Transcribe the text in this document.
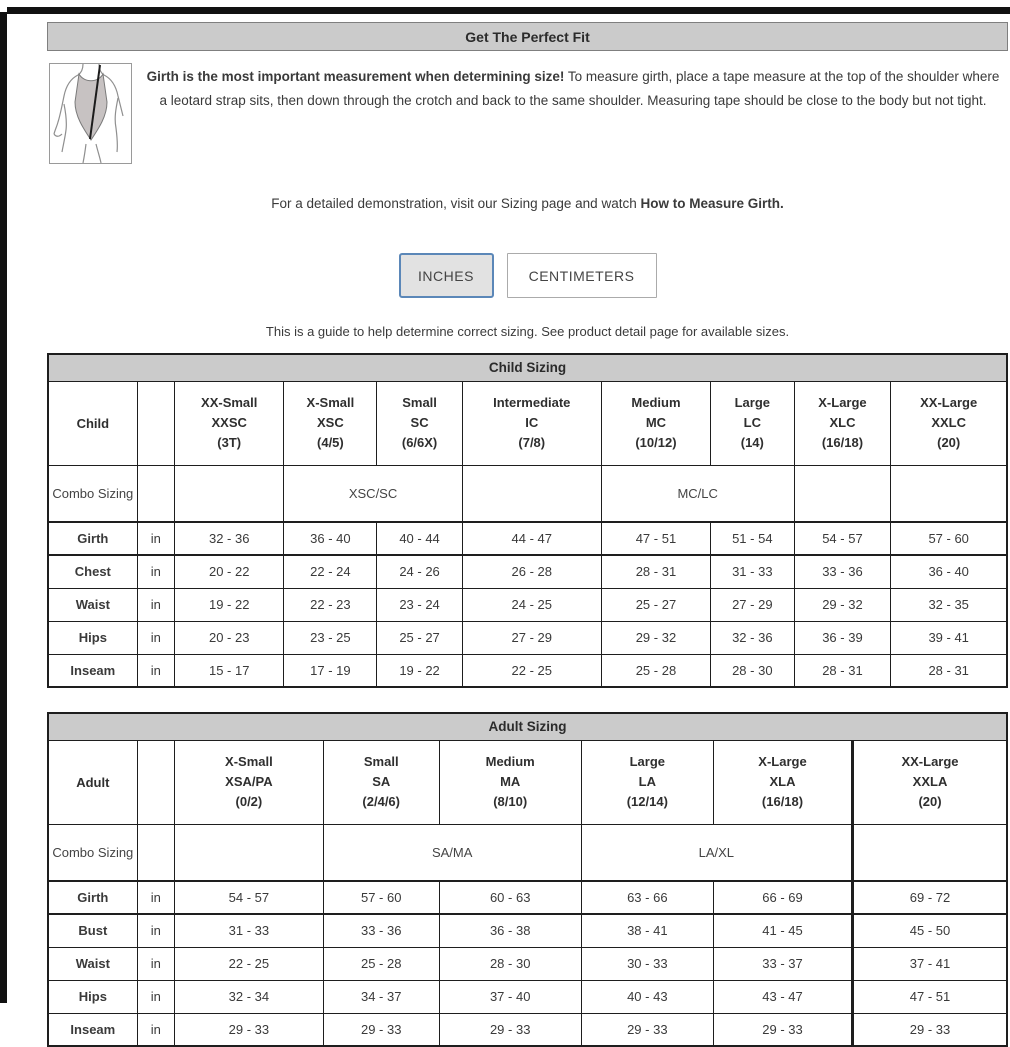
Get The Perfect Fit
Girth is the most important measurement when determining size! To measure girth, place a tape measure at the top of the shoulder where a leotard strap sits, then down through the crotch and back to the same shoulder. Measuring tape should be close to the body but not tight.
For a detailed demonstration, visit our Sizing page and watch How to Measure Girth.
INCHES	CENTIMETERS
This is a guide to help determine correct sizing. See product detail page for available sizes.
Child Sizing									
Child		XX-Small
XXSC
(3T)	X-Small
XSC
(4/5)	Small
SC
(6/6X)	Intermediate
IC
(7/8)	Medium
MC
(10/12)	Large
LC
(14)	X-Large
XLC
(16/18)	XX-Large
XXLC
(20)

Combo Sizing			XSC/SC			MC/LC			
Girth	in	32 - 36	36 - 40	40 - 44	44 - 47	47 - 51	51 - 54	54 - 57	57 - 60
Chest	in	20 - 22	22 - 24	24 - 26	26 - 28	28 - 31	31 - 33	33 - 36	36 - 40
Waist	in	19 - 22	22 - 23	23 - 24	24 - 25	25 - 27	27 - 29	29 - 32	32 - 35
Hips	in	20 - 23	23 - 25	25 - 27	27 - 29	29 - 32	32 - 36	36 - 39	39 - 41
Inseam	in	15 - 17	17 - 19	19 - 22	22 - 25	25 - 28	28 - 30	28 - 31	28 - 31
Adult Sizing							
Adult		X-Small
XSA/PA
(0/2)	Small
SA
(2/4/6)	Medium
MA
(8/10)	Large
LA
(12/14)	X-Large
XLA
(16/18)	XX-Large
XXLA
(20)

Combo Sizing			SA/MA		LA/XL		
Girth	in	54 - 57	57 - 60	60 - 63	63 - 66	66 - 69	69 - 72
Bust	in	31 - 33	33 - 36	36 - 38	38 - 41	41 - 45	45 - 50
Waist	in	22 - 25	25 - 28	28 - 30	30 - 33	33 - 37	37 - 41
Hips	in	32 - 34	34 - 37	37 - 40	40 - 43	43 - 47	47 - 51
Inseam	in	29 - 33	29 - 33	29 - 33	29 - 33	29 - 33	29 - 33
